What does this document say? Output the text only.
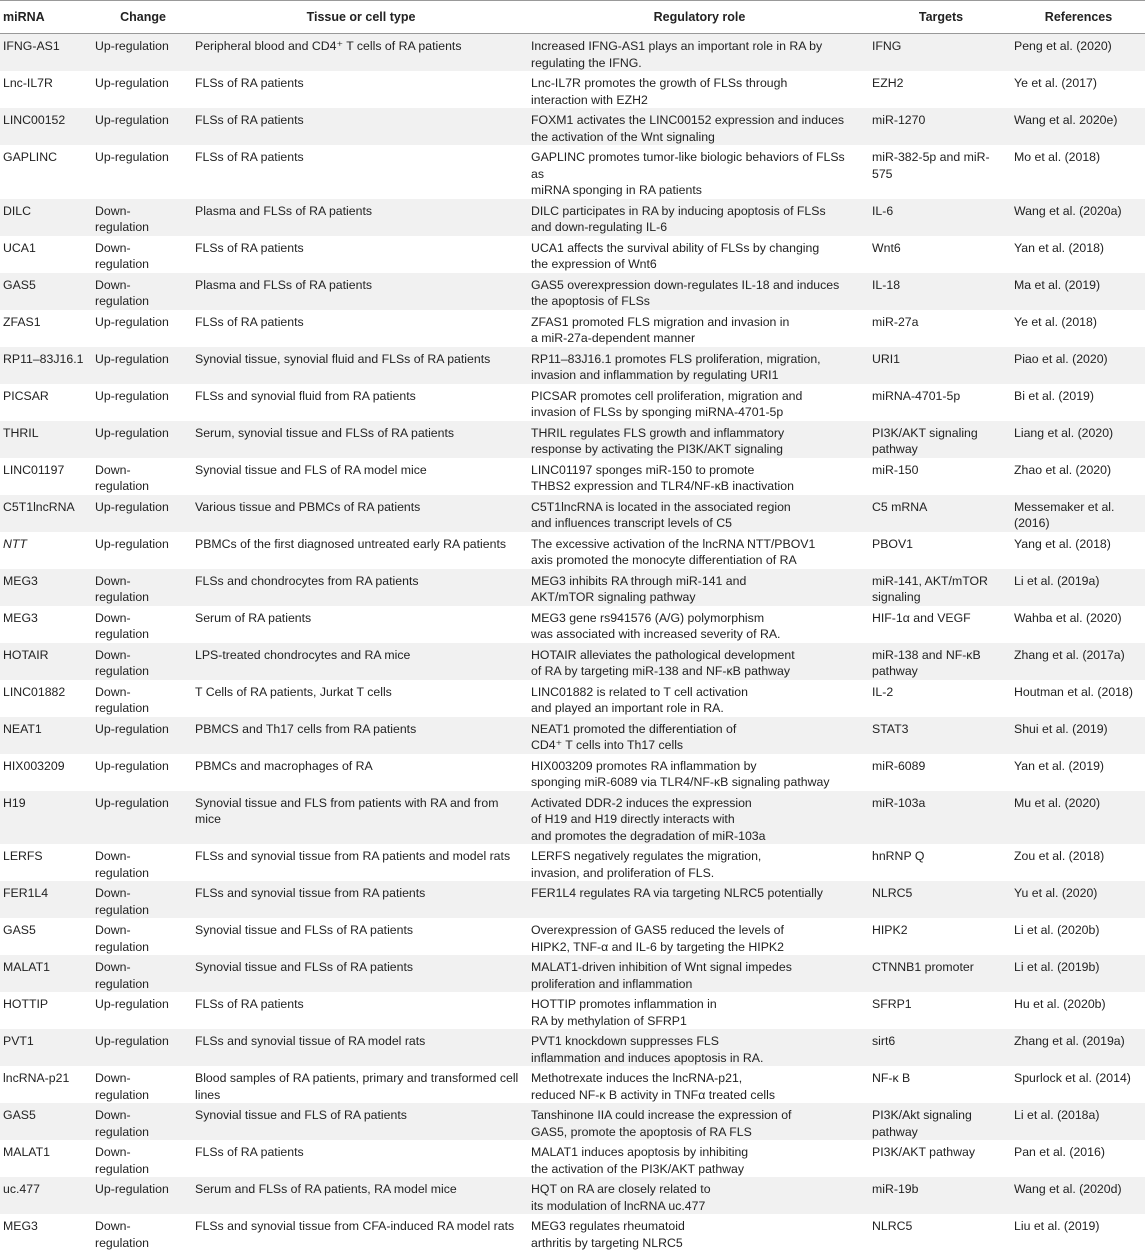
miRNA	Change	Tissue or cell type	Regulatory role	Targets	References
IFNG-AS1	Up-regulation	Peripheral blood and CD4⁺ T cells of RA patients	Increased IFNG-AS1 plays an important role in RA by
regulating the IFNG.	IFNG	Peng et al. (2020)
Lnc-IL7R	Up-regulation	FLSs of RA patients	Lnc-IL7R promotes the growth of FLSs through
interaction with EZH2	EZH2	Ye et al. (2017)
LINC00152	Up-regulation	FLSs of RA patients	FOXM1 activates the LINC00152 expression and induces
the activation of the Wnt signaling	miR-1270	Wang et al. 2020e)
GAPLINC	Up-regulation	FLSs of RA patients	GAPLINC promotes tumor-like biologic behaviors of FLSs
as
miRNA sponging in RA patients	miR-382-5p and miR-575	Mo et al. (2018)
DILC	Down-
regulation	Plasma and FLSs of RA patients	DILC participates in RA by inducing apoptosis of FLSs
and down-regulating IL-6	IL-6	Wang et al. (2020a)
UCA1	Down-
regulation	FLSs of RA patients	UCA1 affects the survival ability of FLSs by changing
the expression of Wnt6	Wnt6	Yan et al. (2018)
GAS5	Down-
regulation	Plasma and FLSs of RA patients	GAS5 overexpression down-regulates IL-18 and induces
the apoptosis of FLSs	IL-18	Ma et al. (2019)
ZFAS1	Up-regulation	FLSs of RA patients	ZFAS1 promoted FLS migration and invasion in
a miR-27a-dependent manner	miR-27a	Ye et al. (2018)
RP11–83J16.1	Up-regulation	Synovial tissue, synovial fluid and FLSs of RA patients	RP11–83J16.1 promotes FLS proliferation, migration,
invasion and inflammation by regulating URI1	URI1	Piao et al. (2020)
PICSAR	Up-regulation	FLSs and synovial fluid from RA patients	PICSAR promotes cell proliferation, migration and
invasion of FLSs by sponging miRNA-4701-5p	miRNA-4701-5p	Bi et al. (2019)
THRIL	Up-regulation	Serum, synovial tissue and FLSs of RA patients	THRIL regulates FLS growth and inflammatory
response by activating the PI3K/AKT signaling	PI3K/AKT signaling pathway	Liang et al. (2020)
LINC01197	Down-
regulation	Synovial tissue and FLS of RA model mice	LINC01197 sponges miR-150 to promote
THBS2 expression and TLR4/NF-κB inactivation	miR-150	Zhao et al. (2020)
C5T1lncRNA	Up-regulation	Various tissue and PBMCs of RA patients	C5T1lncRNA is located in the associated region
and influences transcript levels of C5	C5 mRNA	Messemaker et al.
(2016)
NTT	Up-regulation	PBMCs of the first diagnosed untreated early RA patients	The excessive activation of the lncRNA NTT/PBOV1
axis promoted the monocyte differentiation of RA	PBOV1	Yang et al. (2018)
MEG3	Down-
regulation	FLSs and chondrocytes from RA patients	MEG3 inhibits RA through miR-141 and
AKT/mTOR signaling pathway	miR-141, AKT/mTOR
signaling	Li et al. (2019a)
MEG3	Down-
regulation	Serum of RA patients	MEG3 gene rs941576 (A/G) polymorphism
was associated with increased severity of RA.	HIF-1α and VEGF	Wahba et al. (2020)
HOTAIR	Down-
regulation	LPS-treated chondrocytes and RA mice	HOTAIR alleviates the pathological development
of RA by targeting miR-138 and NF-κB pathway	miR-138 and NF-κB pathway	Zhang et al. (2017a)
LINC01882	Down-
regulation	T Cells of RA patients, Jurkat T cells	LINC01882 is related to T cell activation
and played an important role in RA.	IL-2	Houtman et al. (2018)
NEAT1	Up-regulation	PBMCS and Th17 cells from RA patients	NEAT1 promoted the differentiation of
CD4⁺ T cells into Th17 cells	STAT3	Shui et al. (2019)
HIX003209	Up-regulation	PBMCs and macrophages of RA	HIX003209 promotes RA inflammation by
sponging miR-6089 via TLR4/NF-κB signaling pathway	miR-6089	Yan et al. (2019)
H19	Up-regulation	Synovial tissue and FLS from patients with RA and from mice	Activated DDR-2 induces the expression
of H19 and H19 directly interacts with
and promotes the degradation of miR-103a	miR-103a	Mu et al. (2020)
LERFS	Down-
regulation	FLSs and synovial tissue from RA patients and model rats	LERFS negatively regulates the migration,
invasion, and proliferation of FLS.	hnRNP Q	Zou et al. (2018)
FER1L4	Down-
regulation	FLSs and synovial tissue from RA patients	FER1L4 regulates RA via targeting NLRC5 potentially	NLRC5	Yu et al. (2020)
GAS5	Down-
regulation	Synovial tissue and FLSs of RA patients	Overexpression of GAS5 reduced the levels of
HIPK2, TNF-α and IL-6 by targeting the HIPK2	HIPK2	Li et al. (2020b)
MALAT1	Down-
regulation	Synovial tissue and FLSs of RA patients	MALAT1-driven inhibition of Wnt signal impedes
proliferation and inflammation	CTNNB1 promoter	Li et al. (2019b)
HOTTIP	Up-regulation	FLSs of RA patients	HOTTIP promotes inflammation in
RA by methylation of SFRP1	SFRP1	Hu et al. (2020b)
PVT1	Up-regulation	FLSs and synovial tissue of RA model rats	PVT1 knockdown suppresses FLS
inflammation and induces apoptosis in RA.	sirt6	Zhang et al. (2019a)
lncRNA-p21	Down-
regulation	Blood samples of RA patients, primary and transformed cell
lines	Methotrexate induces the lncRNA-p21,
reduced NF-κ B activity in TNFα treated cells	NF-κ B	Spurlock et al. (2014)
GAS5	Down-
regulation	Synovial tissue and FLS of RA patients	Tanshinone IIA could increase the expression of
GAS5, promote the apoptosis of RA FLS	PI3K/Akt signaling pathway	Li et al. (2018a)
MALAT1	Down-
regulation	FLSs of RA patients	MALAT1 induces apoptosis by inhibiting
the activation of the PI3K/AKT pathway	PI3K/AKT pathway	Pan et al. (2016)
uc.477	Up-regulation	Serum and FLSs of RA patients, RA model mice	HQT on RA are closely related to
its modulation of lncRNA uc.477	miR-19b	Wang et al. (2020d)
MEG3	Down-
regulation	FLSs and synovial tissue from CFA-induced RA model rats	MEG3 regulates rheumatoid
arthritis by targeting NLRC5	NLRC5	Liu et al. (2019)
